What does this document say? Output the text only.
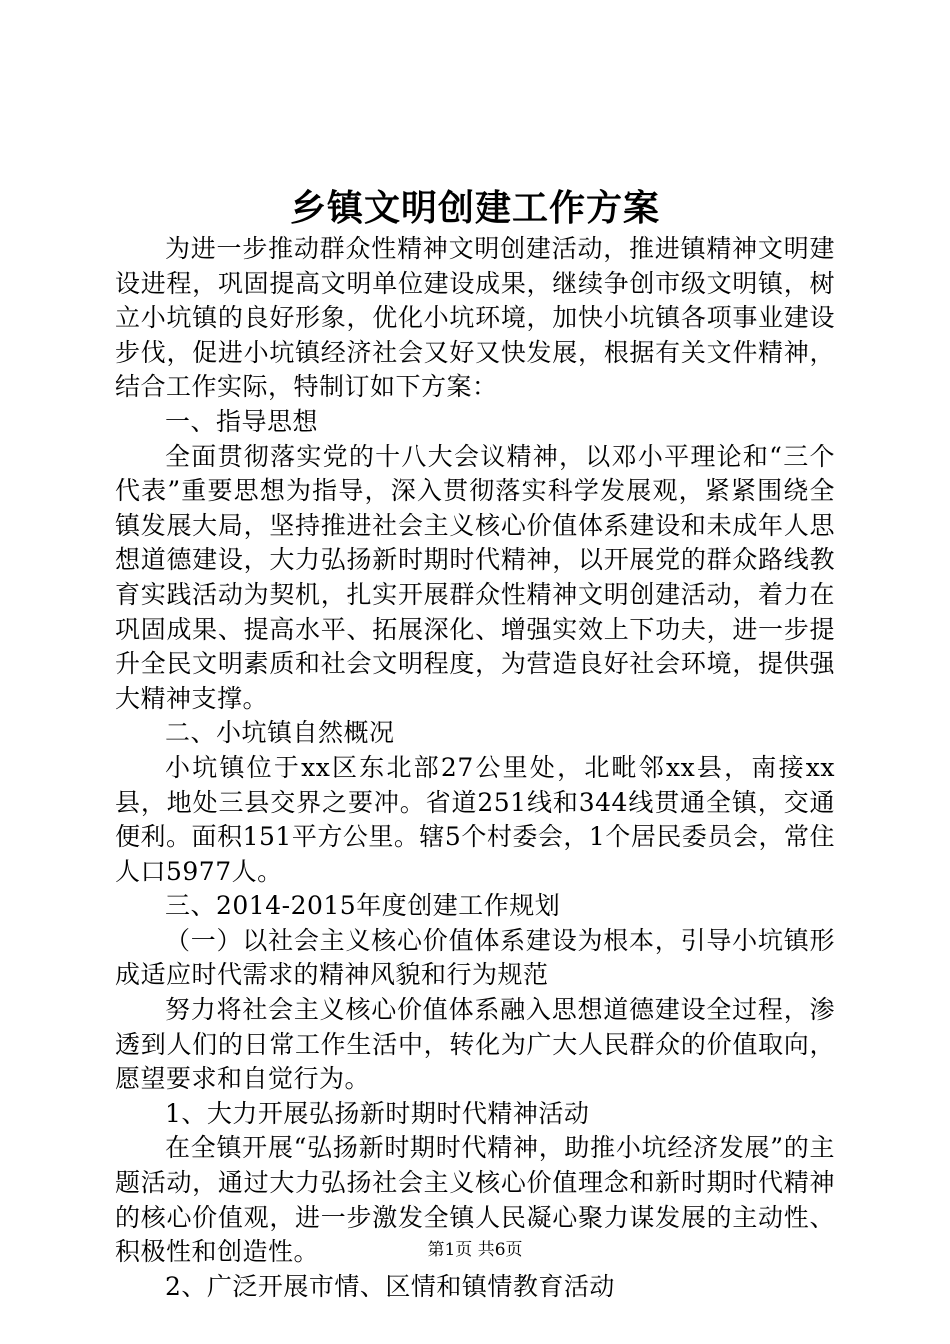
乡镇文明创建工作方案

为进一步推动群众性精神文明创建活动，推进镇精神文明建设进程，巩固提高文明单位建设成果，继续争创市级文明镇，树立小坑镇的良好形象，优化小坑环境，加快小坑镇各项事业建设步伐，促进小坑镇经济社会又好又快发展，根据有关文件精神，结合工作实际，特制订如下方案：

一、指导思想

全面贯彻落实党的十八大会议精神，以邓小平理论和“三个代表”重要思想为指导，深入贯彻落实科学发展观，紧紧围绕全镇发展大局，坚持推进社会主义核心价值体系建设和未成年人思想道德建设，大力弘扬新时期时代精神，以开展党的群众路线教育实践活动为契机，扎实开展群众性精神文明创建活动，着力在巩固成果、提高水平、拓展深化、增强实效上下功夫，进一步提升全民文明素质和社会文明程度，为营造良好社会环境，提供强大精神支撑。

二、小坑镇自然概况

小坑镇位于xx区东北部27公里处，北毗邻xx县，南接xx县，地处三县交界之要冲。省道251线和344线贯通全镇，交通便利。面积151平方公里。辖5个村委会，1个居民委员会，常住人口5977人。

三、2014-2015年度创建工作规划

（一）以社会主义核心价值体系建设为根本，引导小坑镇形成适应时代需求的精神风貌和行为规范

努力将社会主义核心价值体系融入思想道德建设全过程，渗透到人们的日常工作生活中，转化为广大人民群众的价值取向，愿望要求和自觉行为。

1、大力开展弘扬新时期时代精神活动

在全镇开展“弘扬新时期时代精神，助推小坑经济发展”的主题活动，通过大力弘扬社会主义核心价值理念和新时期时代精神的核心价值观，进一步激发全镇人民凝心聚力谋发展的主动性、积极性和创造性。

2、广泛开展市情、区情和镇情教育活动

第1页 共6页
